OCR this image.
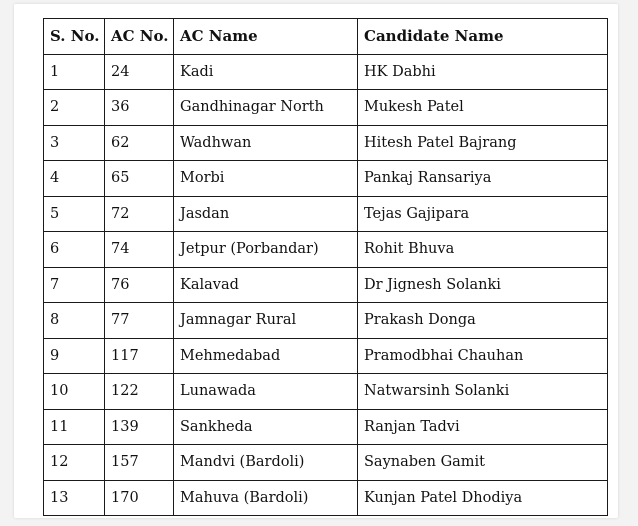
S. No.	AC No.	AC Name	Candidate Name
1	24	Kadi	HK Dabhi
2	36	Gandhinagar North	Mukesh Patel
3	62	Wadhwan	Hitesh Patel Bajrang
4	65	Morbi	Pankaj Ransariya
5	72	Jasdan	Tejas Gajipara
6	74	Jetpur (Porbandar)	Rohit Bhuva
7	76	Kalavad	Dr Jignesh Solanki
8	77	Jamnagar Rural	Prakash Donga
9	117	Mehmedabad	Pramodbhai Chauhan
10	122	Lunawada	Natwarsinh Solanki
11	139	Sankheda	Ranjan Tadvi
12	157	Mandvi (Bardoli)	Saynaben Gamit
13	170	Mahuva (Bardoli)	Kunjan Patel Dhodiya
